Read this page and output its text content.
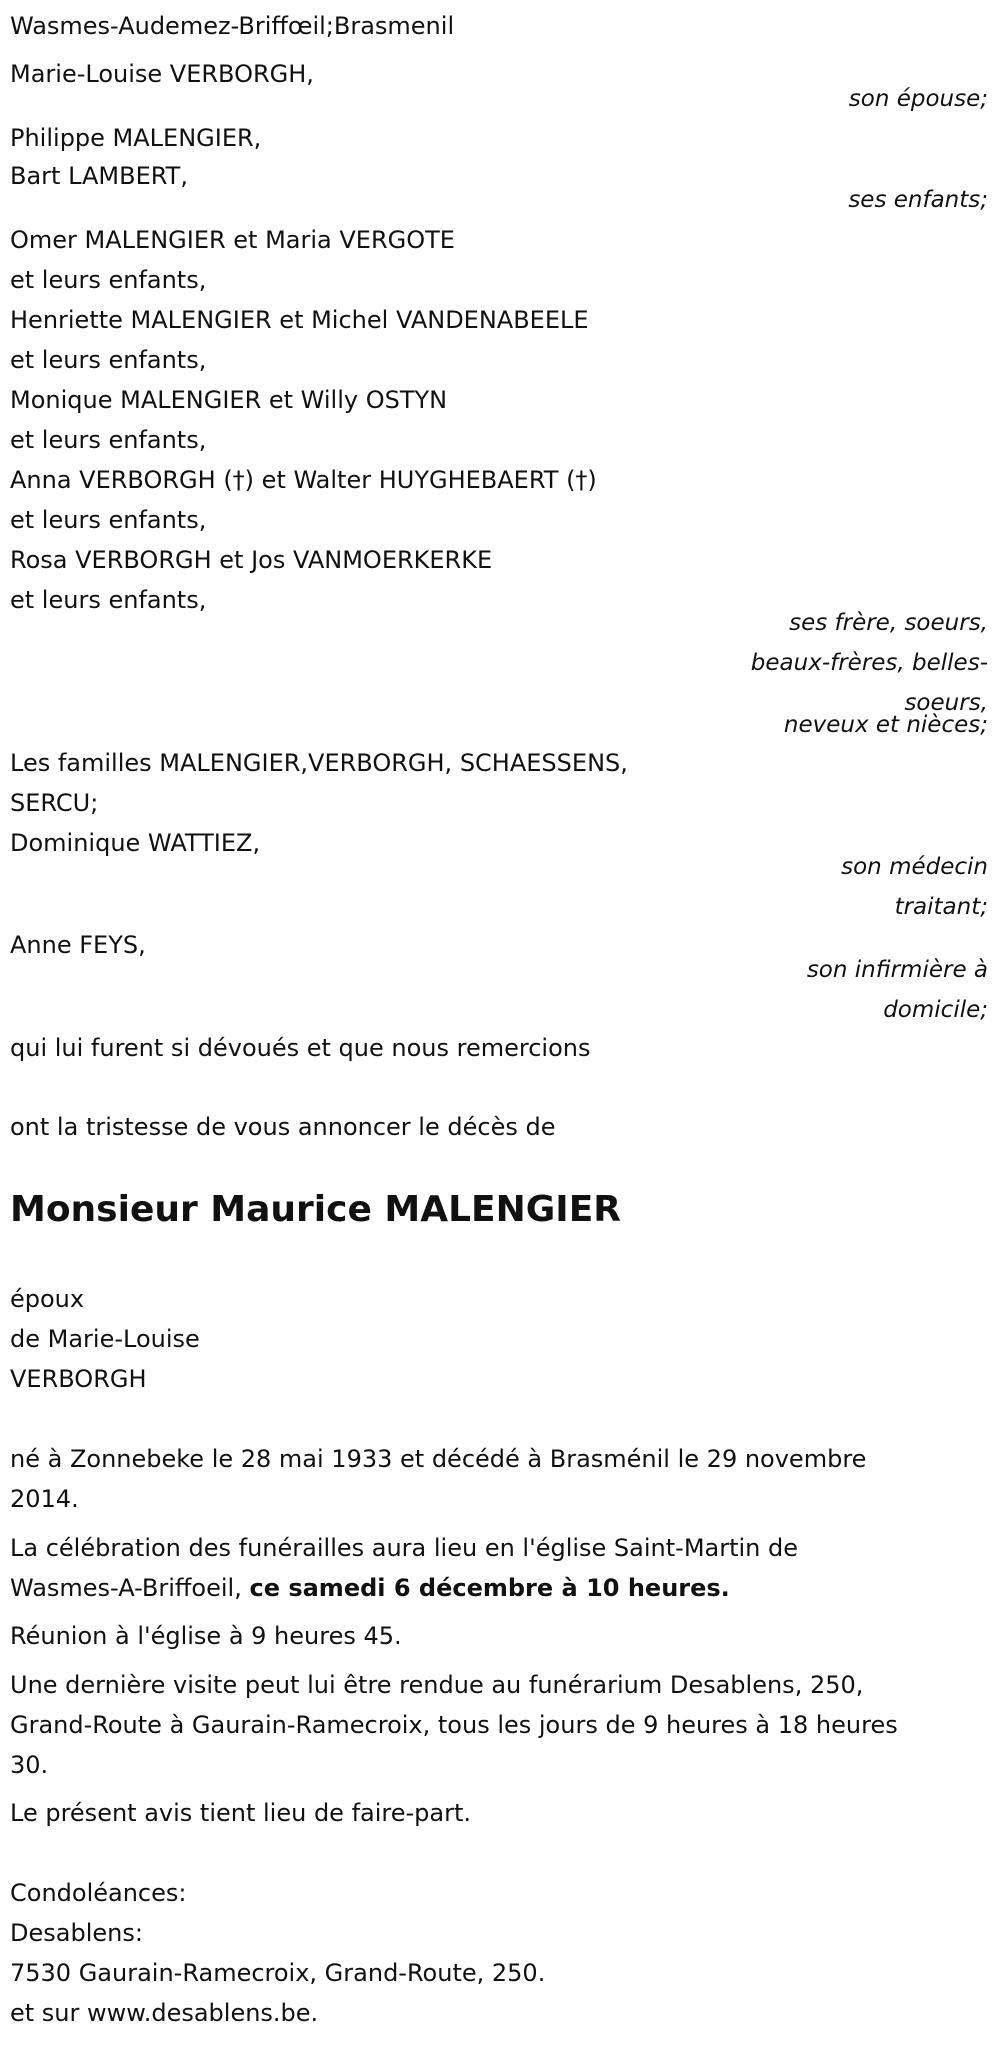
Wasmes-Audemez-Briffœil;Brasmenil

Marie-Louise VERBORGH,

son épouse;

Philippe MALENGIER,

Bart LAMBERT,

ses enfants;

Omer MALENGIER et Maria VERGOTE

et leurs enfants,

Henriette MALENGIER et Michel VANDENABEELE

et leurs enfants,

Monique MALENGIER et Willy OSTYN

et leurs enfants,

Anna VERBORGH (†) et Walter HUYGHEBAERT (†)

et leurs enfants,

Rosa VERBORGH et Jos VANMOERKERKE

et leurs enfants,

ses frère, soeurs,

beaux-frères, belles-

soeurs,

neveux et nièces;

Les familles MALENGIER,VERBORGH, SCHAESSENS,

SERCU;

Dominique WATTIEZ,

son médecin

traitant;

Anne FEYS,

son infirmière à

domicile;

qui lui furent si dévoués et que nous remercions

ont la tristesse de vous annoncer le décès de

Monsieur Maurice MALENGIER

époux

de Marie-Louise

VERBORGH

né à Zonnebeke le 28 mai 1933 et décédé à Brasménil le 29 novembre

2014.

La célébration des funérailles aura lieu en l'église Saint-Martin de

Wasmes-A-Briffoeil, ce samedi 6 décembre à 10 heures.

Réunion à l'église à 9 heures 45.

Une dernière visite peut lui être rendue au funérarium Desablens, 250,

Grand-Route à Gaurain-Ramecroix, tous les jours de 9 heures à 18 heures

30.

Le présent avis tient lieu de faire-part.

Condoléances:

Desablens:

7530 Gaurain-Ramecroix, Grand-Route, 250.

et sur www.desablens.be.
